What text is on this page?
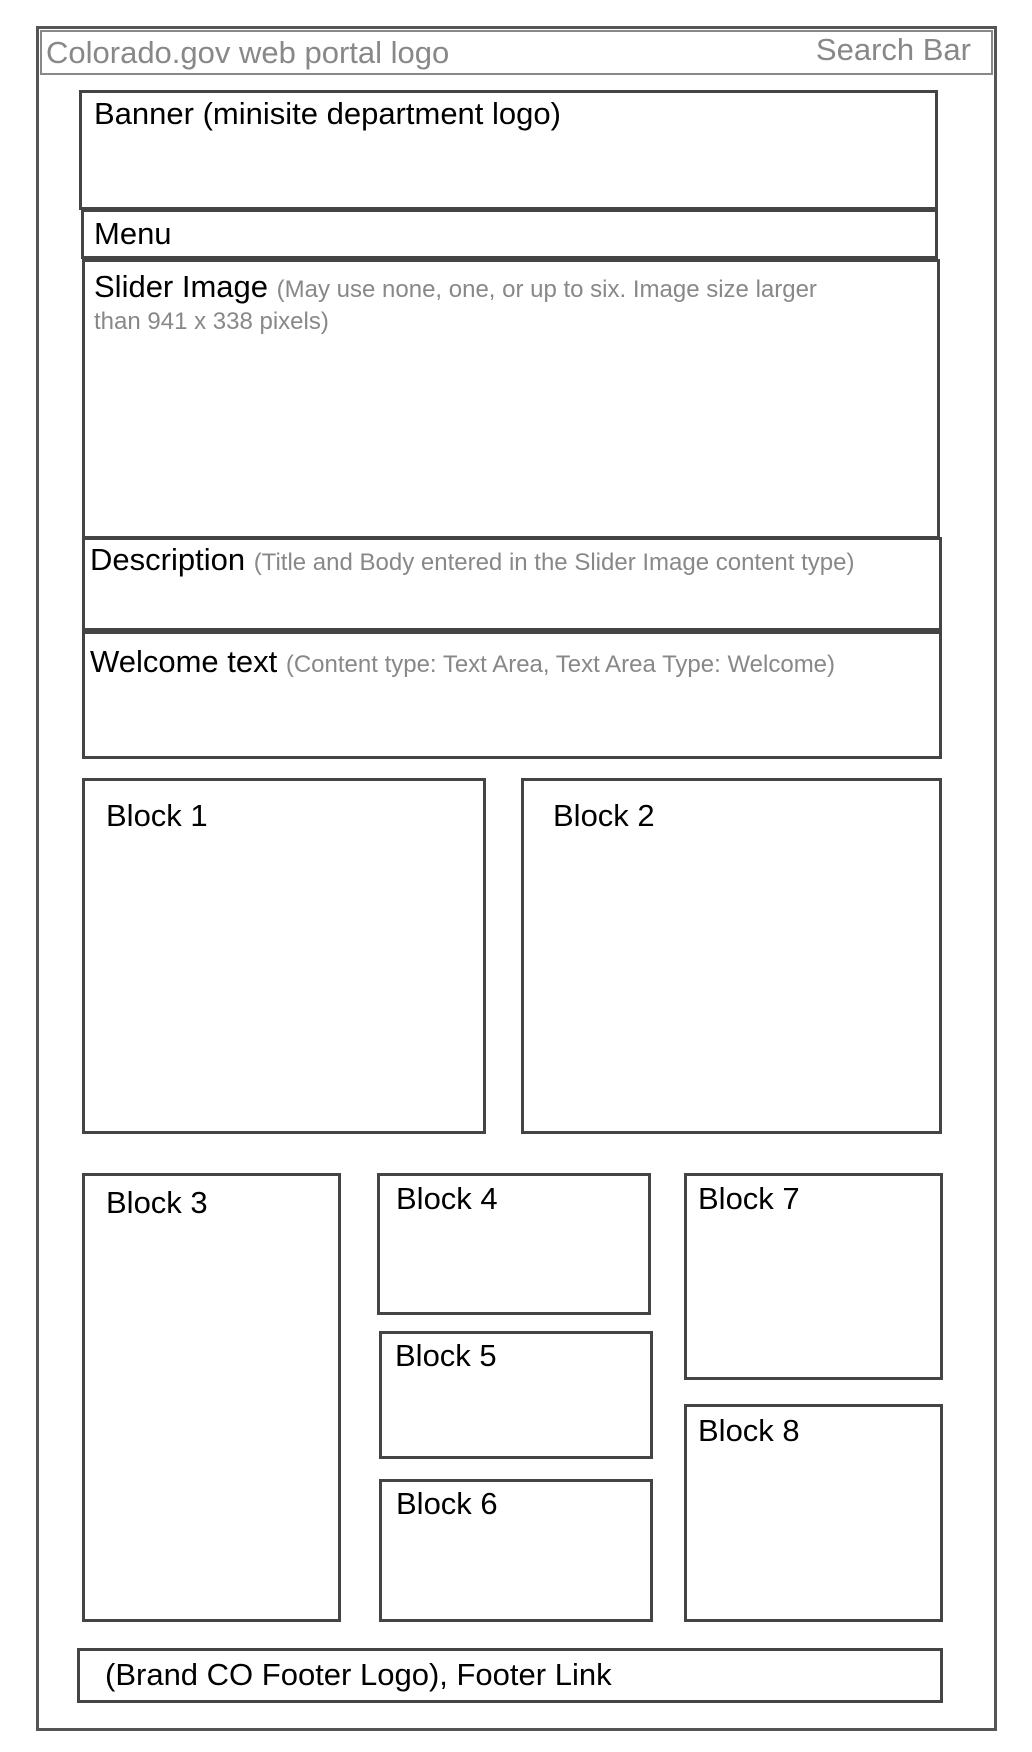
Colorado.gov web portal logo	Search Bar
Banner (minisite department logo)
Menu
Slider Image (May use none, one, or up to six. Image size larger
than 941 x 338 pixels)
Description (Title and Body entered in the Slider Image content type)
Welcome text (Content type: Text Area, Text Area Type: Welcome)
Block 1	Block 2
Block 3	Block 4
Block 5
Block 6
Block 7
Block 8
(Brand CO Footer Logo), Footer Link
